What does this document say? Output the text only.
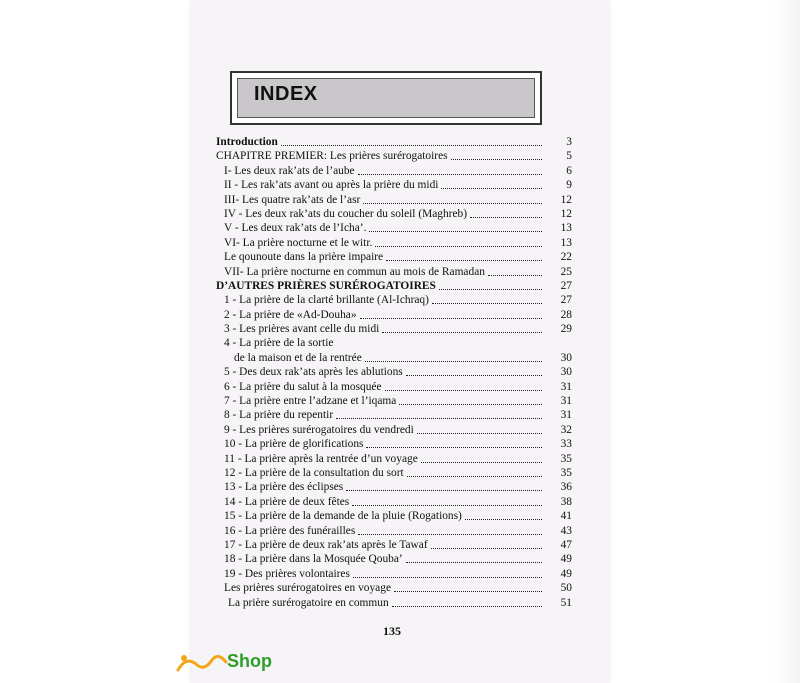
INDEX
Introduction	3
CHAPITRE PREMIER: Les prières surérogatoires	5
I- Les deux rak’ats de l’aube	6
II - Les rak’ats avant ou après la prière du midi	9
III- Les quatre rak’ats de l’asr	12
IV - Les deux rak’ats du coucher du soleil (Maghreb)	12
V - Les deux rak’ats de l’Icha’.	13
VI- La prière nocturne et le witr.	13
Le qounoute dans la prière impaire	22
VII- La prière nocturne en commun au mois de Ramadan	25
D’AUTRES PRIÈRES SURÉROGATOIRES	27
1 - La prière de la clarté brillante (Al-Ichraq)	27
2 - La prière de «Ad-Douha»	28
3 - Les prières avant celle du midi	29
4 - La prière de la sortie
de la maison et de la rentrée	30
5 - Des deux rak’ats après les ablutions	30
6 - La prière du salut à la mosquée	31
7 - La prière entre l’adzane et l’iqama	31
8 - La prière du repentir	31
9 - Les prières surérogatoires du vendredi	32
10 - La prière de glorifications	33
11 - La prière après la rentrée d’un voyage	35
12 - La prière de la consultation du sort	35
13 - La prière des éclipses	36
14 - La prière de deux fêtes	38
15 - La prière de la demande de la pluie (Rogations)	41
16 - La prière des funérailles	43
17 - La prière de deux rak’ats après le Tawaf	47
18 - La prière dans la Mosquée Qouba’	49
19 - Des prières volontaires	49
Les prières surérogatoires en voyage	50
La prière surérogatoire en commun	51
135
Shop
